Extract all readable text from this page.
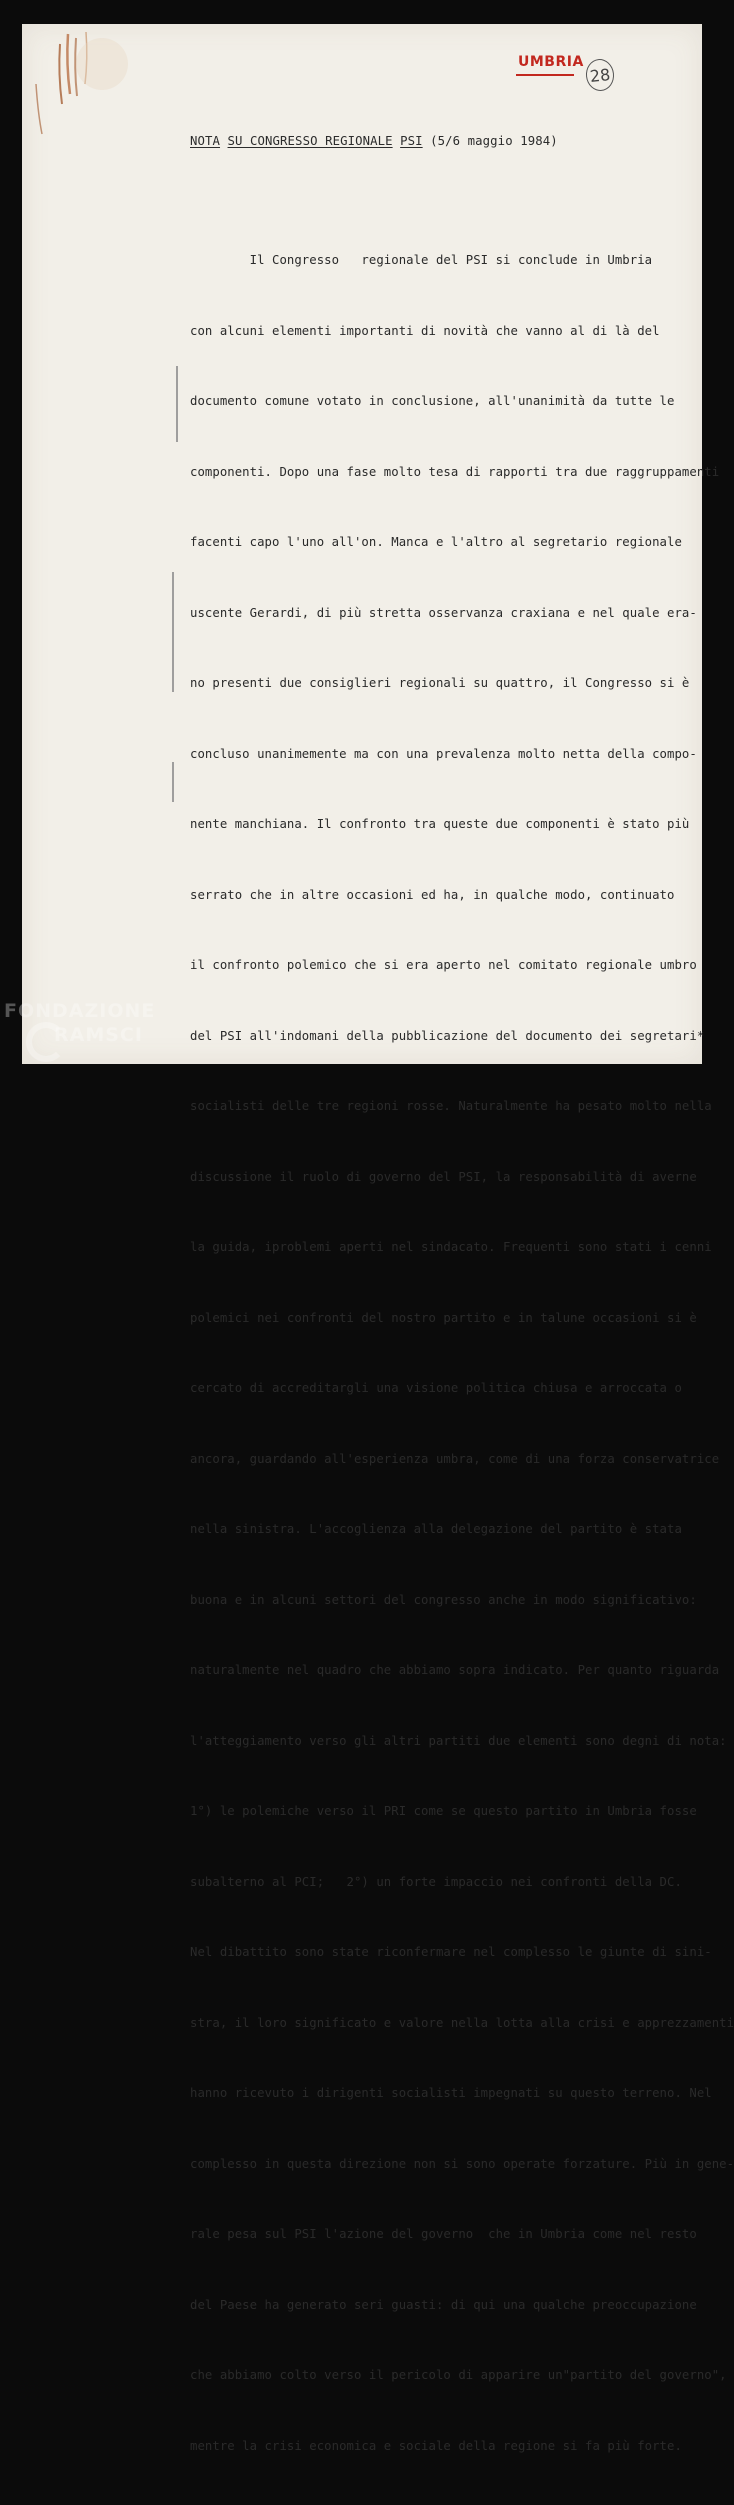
UMBRIA
28
NOTA SU CONGRESSO REGIONALE PSI (5/6 maggio 1984)

Il Congresso   regionale del PSI si conclude in Umbria

con alcuni elementi importanti di novità che vanno al di là del

documento comune votato in conclusione, all'unanimità da tutte le

componenti. Dopo una fase molto tesa di rapporti tra due raggruppamenti

facenti capo l'uno all'on. Manca e l'altro al segretario regionale

uscente Gerardi, di più stretta osservanza craxiana e nel quale era-

no presenti due consiglieri regionali su quattro, il Congresso si è

concluso unanimemente ma con una prevalenza molto netta della compo-

nente manchiana. Il confronto tra queste due componenti è stato più

serrato che in altre occasioni ed ha, in qualche modo, continuato

il confronto polemico che si era aperto nel comitato regionale umbro

del PSI all'indomani della pubblicazione del documento dei segretari*

socialisti delle tre regioni rosse. Naturalmente ha pesato molto nella

discussione il ruolo di governo del PSI, la responsabilità di averne

la guida, iproblemi aperti nel sindacato. Frequenti sono stati i cenni

polemici nei confronti del nostro partito e in talune occasioni si è

cercato di accreditargli una visione politica chiusa e arroccata o

ancora, guardando all'esperienza umbra, come di una forza conservatrice

nella sinistra. L'accoglienza alla delegazione del partito è stata

buona e in alcuni settori del congresso anche in modo significativo:

naturalmente nel quadro che abbiamo sopra indicato. Per quanto riguarda

l'atteggiamento verso gli altri partiti due elementi sono degni di nota:

1°) le polemiche verso il PRI come se questo partito in Umbria fosse

subalterno al PCI;   2°) un forte impaccio nei confronti della DC.

Nel dibattito sono state riconfermare nel complesso le giunte di sini-

stra, il loro significato e valore nella lotta alla crisi e apprezzamenti

hanno ricevuto i dirigenti socialisti impegnati su questo terreno. Nel

complesso in questa direzione non si sono operate forzature. Più in gene-

rale pesa sul PSI l'azione del governo  che in Umbria come nel resto

del Paese ha generato seri guasti: di qui una qualche preoccupazione

che abbiamo colto verso il pericolo di apparire un"partito del governo",

mentre la crisi economica e sociale della regione si fa più forte.

FONDAZIONE
RAMSCI
